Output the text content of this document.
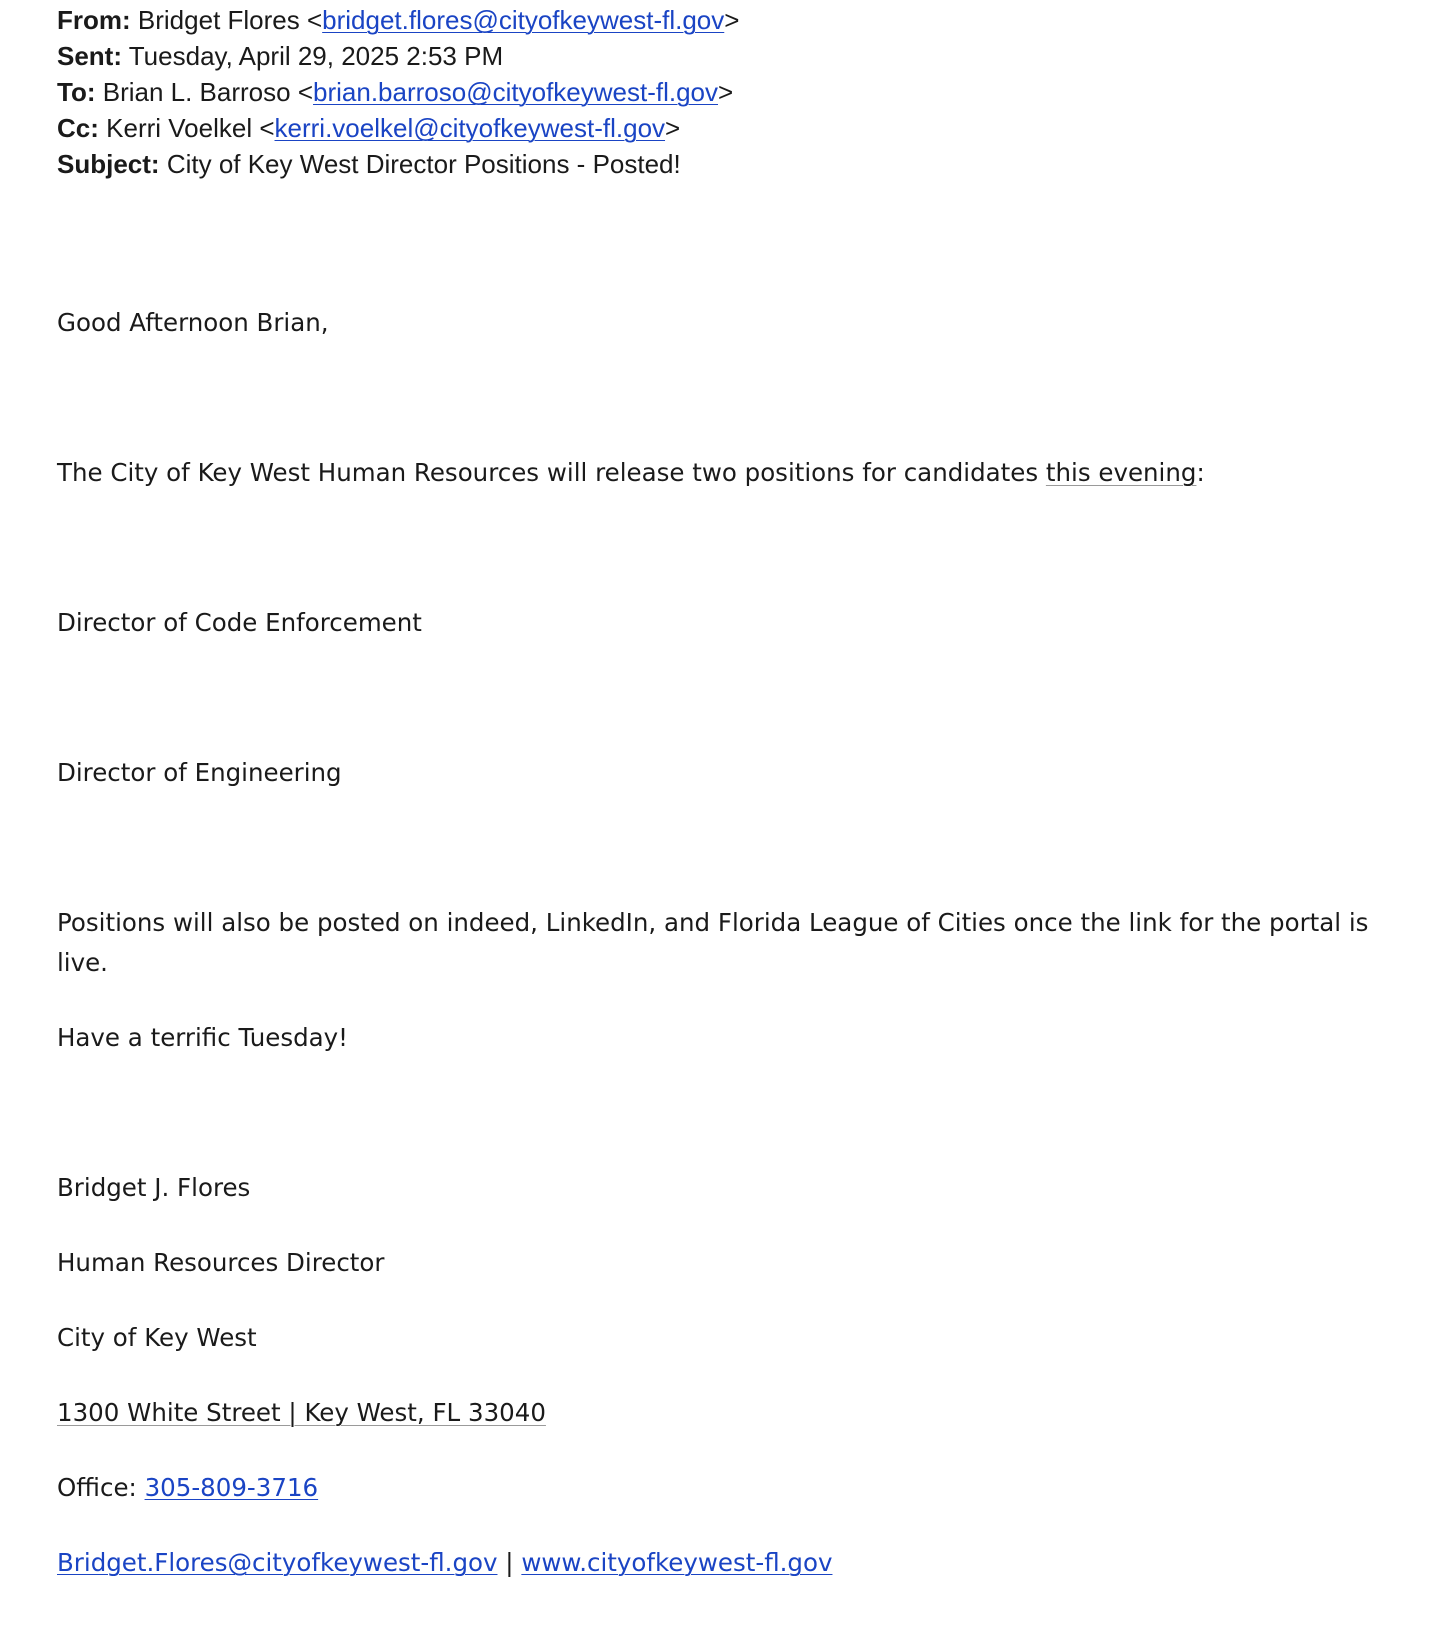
From: Bridget Flores <bridget.flores@cityofkeywest-fl.gov>
Sent: Tuesday, April 29, 2025 2:53 PM
To: Brian L. Barroso <brian.barroso@cityofkeywest-fl.gov>
Cc: Kerri Voelkel <kerri.voelkel@cityofkeywest-fl.gov>
Subject: City of Key West Director Positions - Posted!

Good Afternoon Brian,

The City of Key West Human Resources will release two positions for candidates this evening:

Director of Code Enforcement

Director of Engineering

Positions will also be posted on indeed, LinkedIn, and Florida League of Cities once the link for the portal is live.

Have a terrific Tuesday!

Bridget J. Flores

Human Resources Director

City of Key West

1300 White Street | Key West, FL 33040

Office: 305-809-3716

Bridget.Flores@cityofkeywest-fl.gov | www.cityofkeywest-fl.gov
